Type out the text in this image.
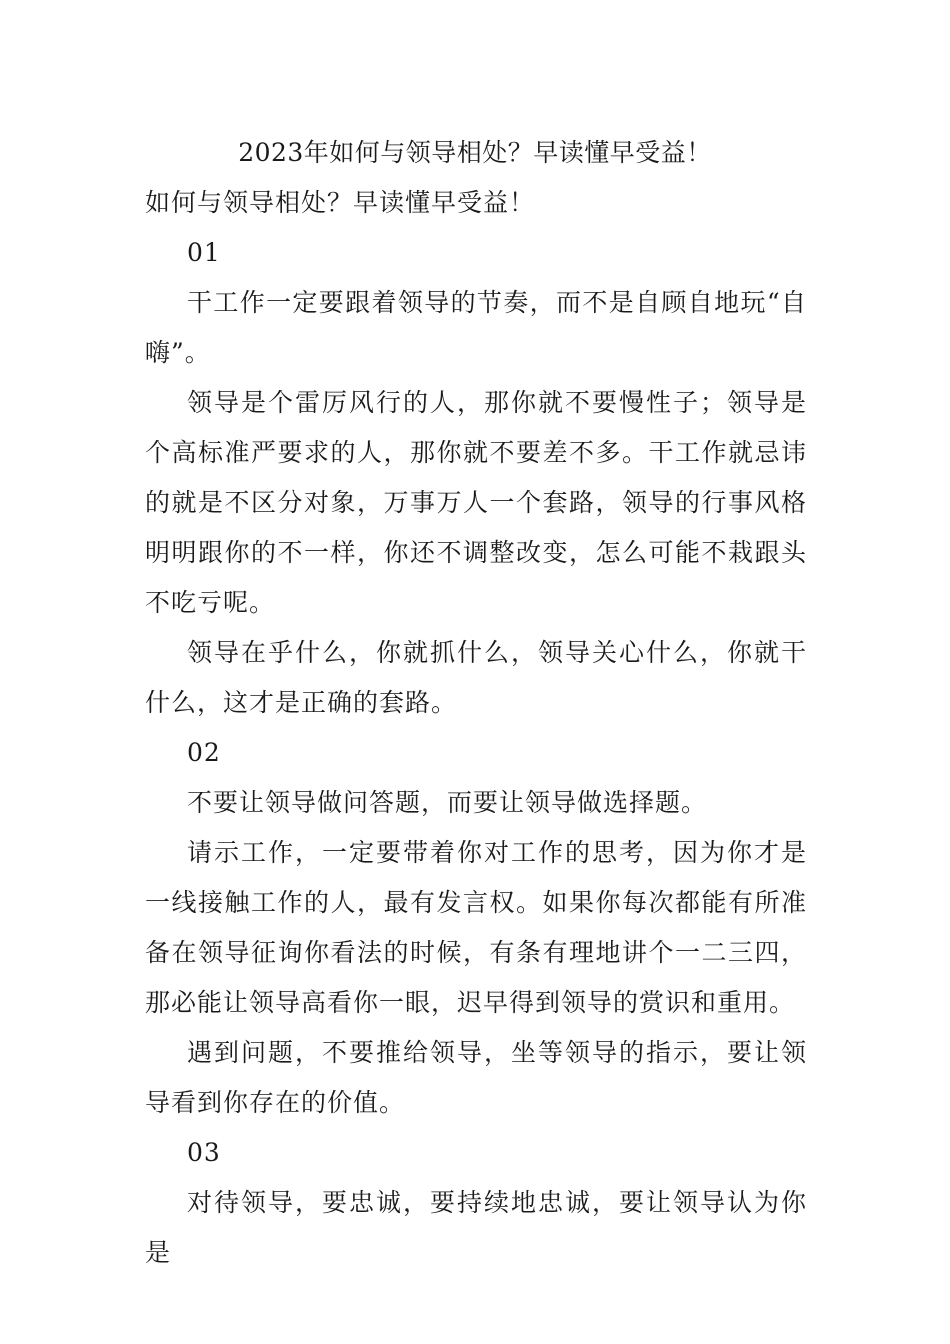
2023年如何与领导相处？早读懂早受益！

如何与领导相处？早读懂早受益！

01

干工作一定要跟着领导的节奏，而不是自顾自地玩“自嗨”。

领导是个雷厉风行的人，那你就不要慢性子；领导是个高标准严要求的人，那你就不要差不多。干工作就忌讳的就是不区分对象，万事万人一个套路，领导的行事风格明明跟你的不一样，你还不调整改变，怎么可能不栽跟头不吃亏呢。

领导在乎什么，你就抓什么，领导关心什么，你就干什么，这才是正确的套路。

02

不要让领导做问答题，而要让领导做选择题。

请示工作，一定要带着你对工作的思考，因为你才是一线接触工作的人，最有发言权。如果你每次都能有所准备在领导征询你看法的时候，有条有理地讲个一二三四，那必能让领导高看你一眼，迟早得到领导的赏识和重用。

遇到问题，不要推给领导，坐等领导的指示，要让领导看到你存在的价值。

03

对待领导，要忠诚，要持续地忠诚，要让领导认为你是
